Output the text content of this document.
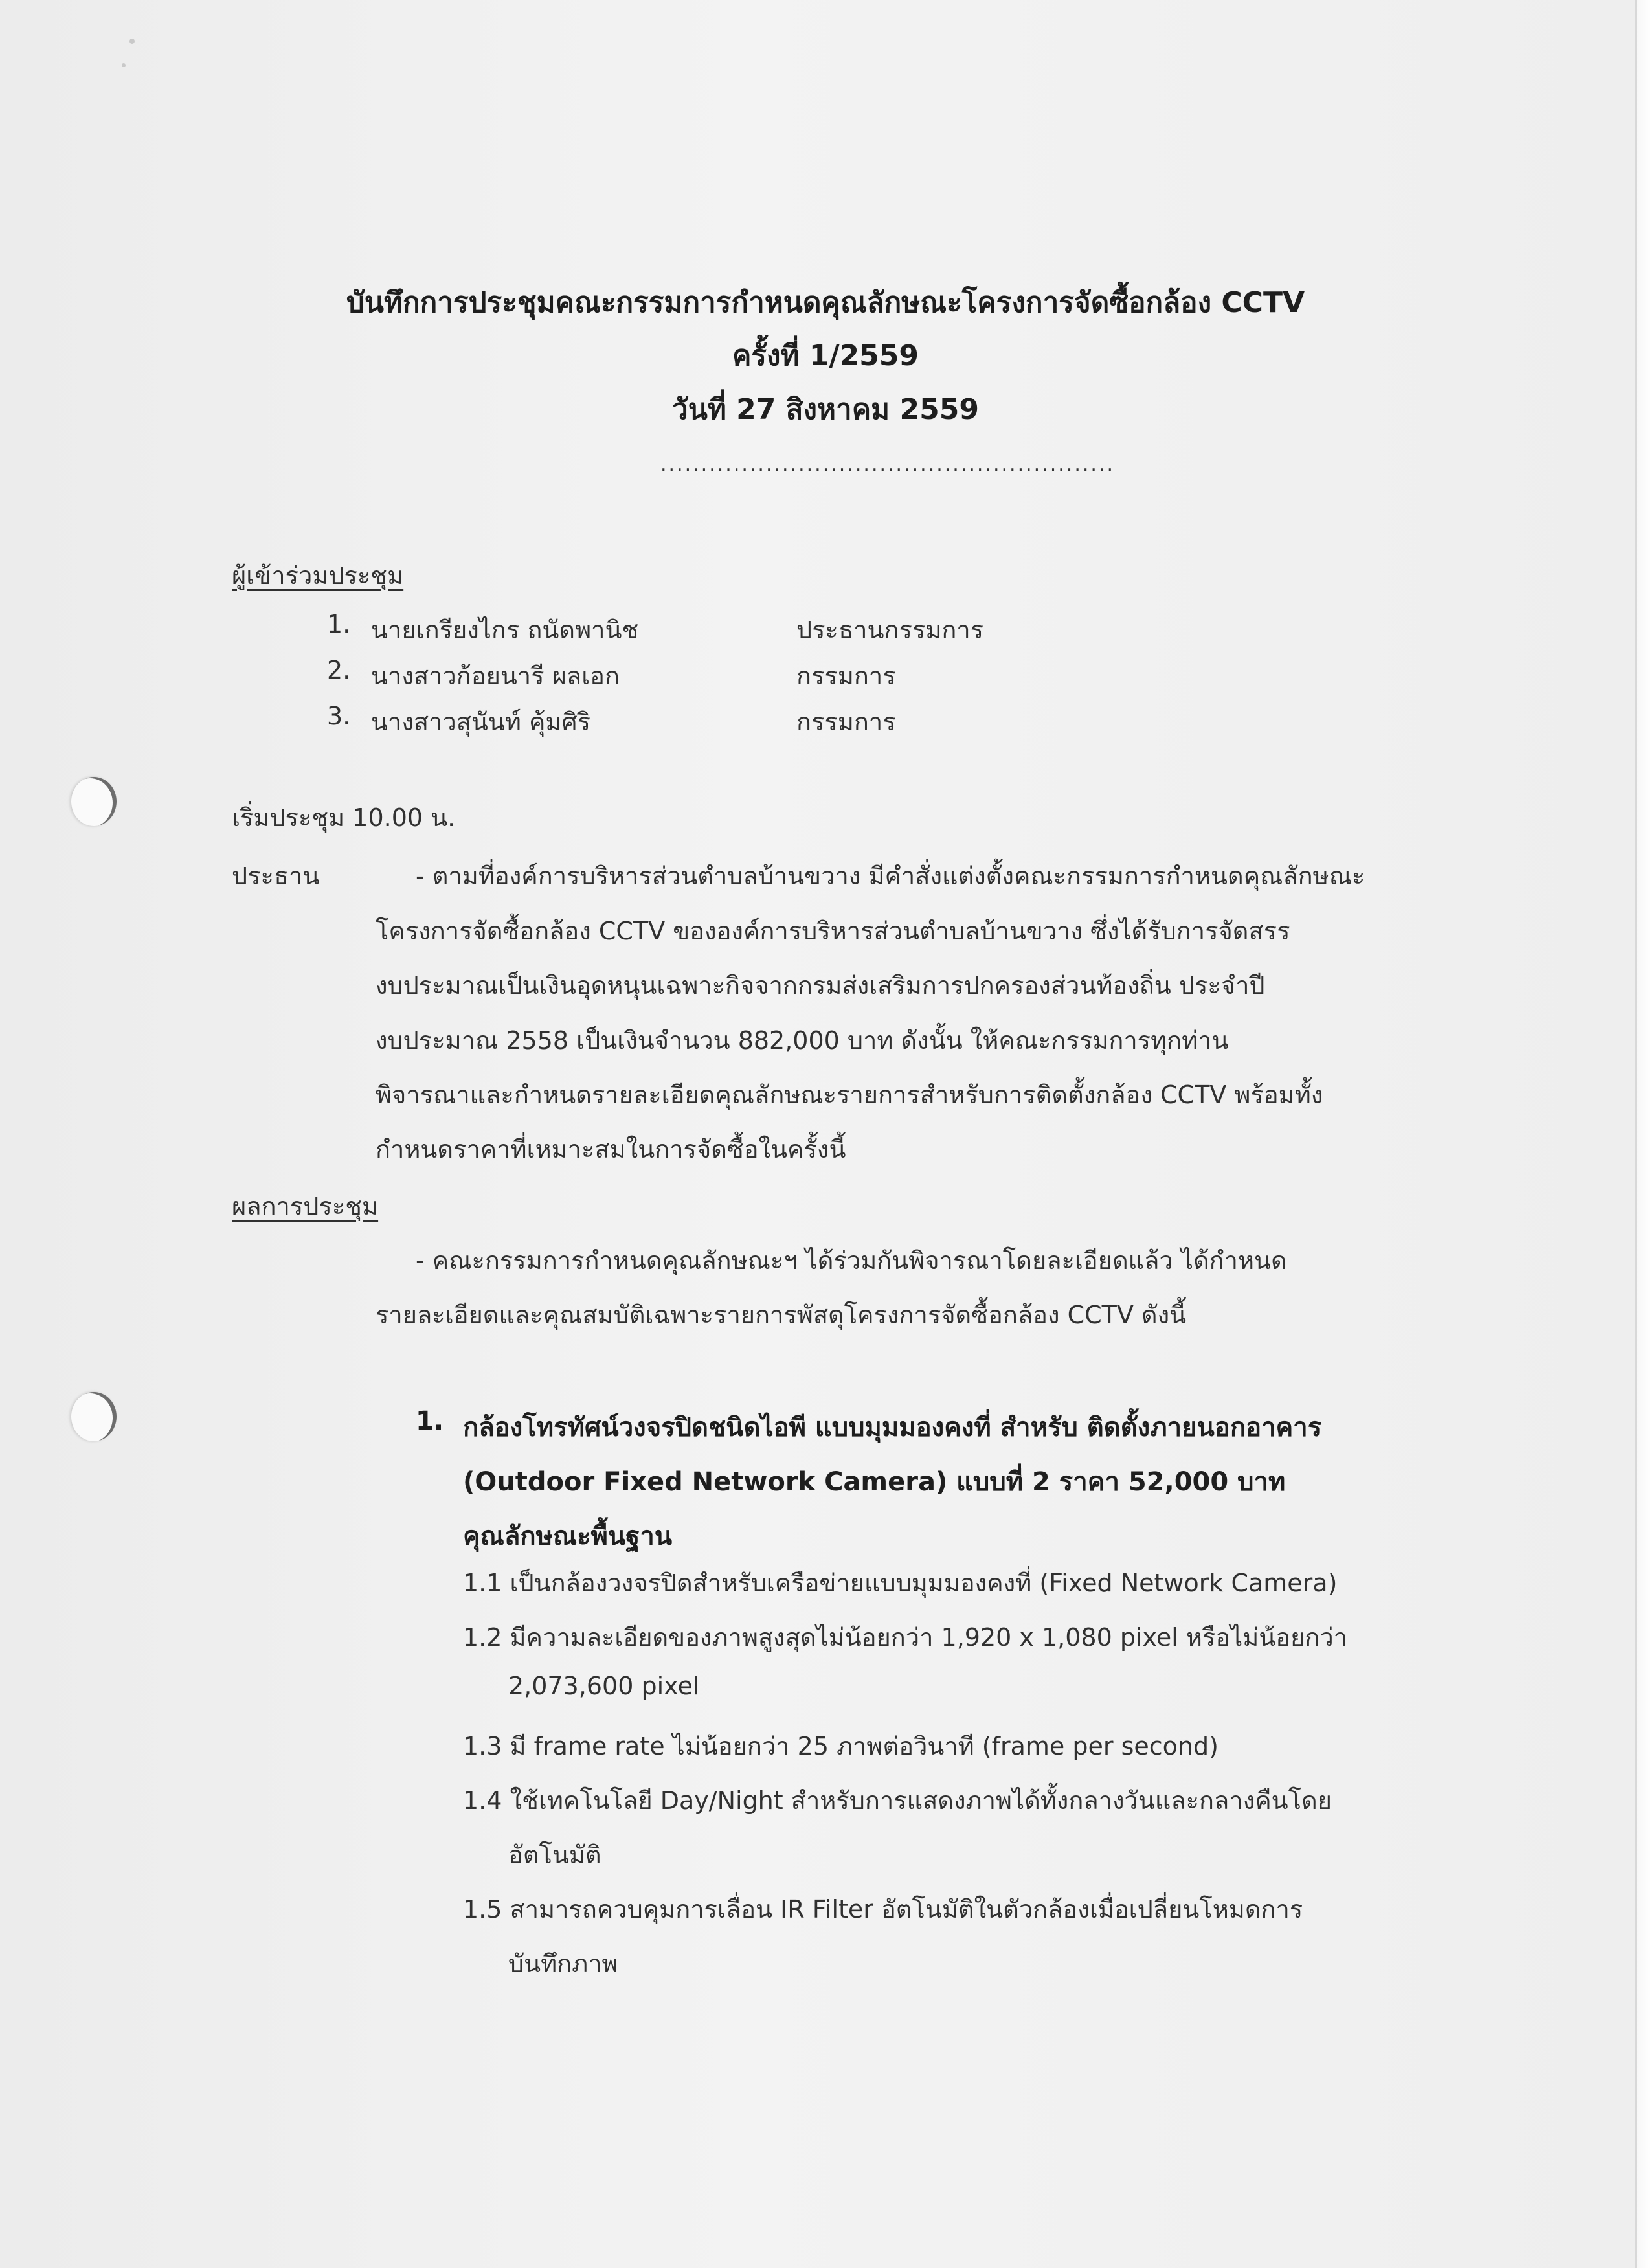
บันทึกการประชุมคณะกรรมการกำหนดคุณลักษณะโครงการจัดซื้อกล้อง CCTV
ครั้งที่ 1/2559
วันที่ 27 สิงหาคม 2559
........................................................
ผู้เข้าร่วมประชุม
1. นายเกรียงไกร ถนัดพานิช	ประธานกรรมการ
2. นางสาวก้อยนารี ผลเอก	กรรมการ
3. นางสาวสุนันท์ คุ้มศิริ	กรรมการ
เริ่มประชุม 10.00 น.
ประธาน	- ตามที่องค์การบริหารส่วนตำบลบ้านขวาง มีคำสั่งแต่งตั้งคณะกรรมการกำหนดคุณลักษณะ
โครงการจัดซื้อกล้อง CCTV ขององค์การบริหารส่วนตำบลบ้านขวาง ซึ่งได้รับการจัดสรร
งบประมาณเป็นเงินอุดหนุนเฉพาะกิจจากกรมส่งเสริมการปกครองส่วนท้องถิ่น ประจำปี
งบประมาณ 2558 เป็นเงินจำนวน 882,000 บาท ดังนั้น ให้คณะกรรมการทุกท่าน
พิจารณาและกำหนดรายละเอียดคุณลักษณะรายการสำหรับการติดตั้งกล้อง CCTV พร้อมทั้ง
กำหนดราคาที่เหมาะสมในการจัดซื้อในครั้งนี้
ผลการประชุม
- คณะกรรมการกำหนดคุณลักษณะฯ ได้ร่วมกันพิจารณาโดยละเอียดแล้ว ได้กำหนด
รายละเอียดและคุณสมบัติเฉพาะรายการพัสดุโครงการจัดซื้อกล้อง CCTV ดังนี้
1. กล้องโทรทัศน์วงจรปิดชนิดไอพี แบบมุมมองคงที่ สำหรับ ติดตั้งภายนอกอาคาร
(Outdoor Fixed Network Camera) แบบที่ 2 ราคา 52,000 บาท
คุณลักษณะพื้นฐาน
1.1 เป็นกล้องวงจรปิดสำหรับเครือข่ายแบบมุมมองคงที่ (Fixed Network Camera)
1.2 มีความละเอียดของภาพสูงสุดไม่น้อยกว่า 1,920 x 1,080 pixel หรือไม่น้อยกว่า
2,073,600 pixel
1.3 มี frame rate ไม่น้อยกว่า 25 ภาพต่อวินาที (frame per second)
1.4 ใช้เทคโนโลยี Day/Night สำหรับการแสดงภาพได้ทั้งกลางวันและกลางคืนโดย
อัตโนมัติ
1.5 สามารถควบคุมการเลื่อน IR Filter อัตโนมัติในตัวกล้องเมื่อเปลี่ยนโหมดการ
บันทึกภาพ
